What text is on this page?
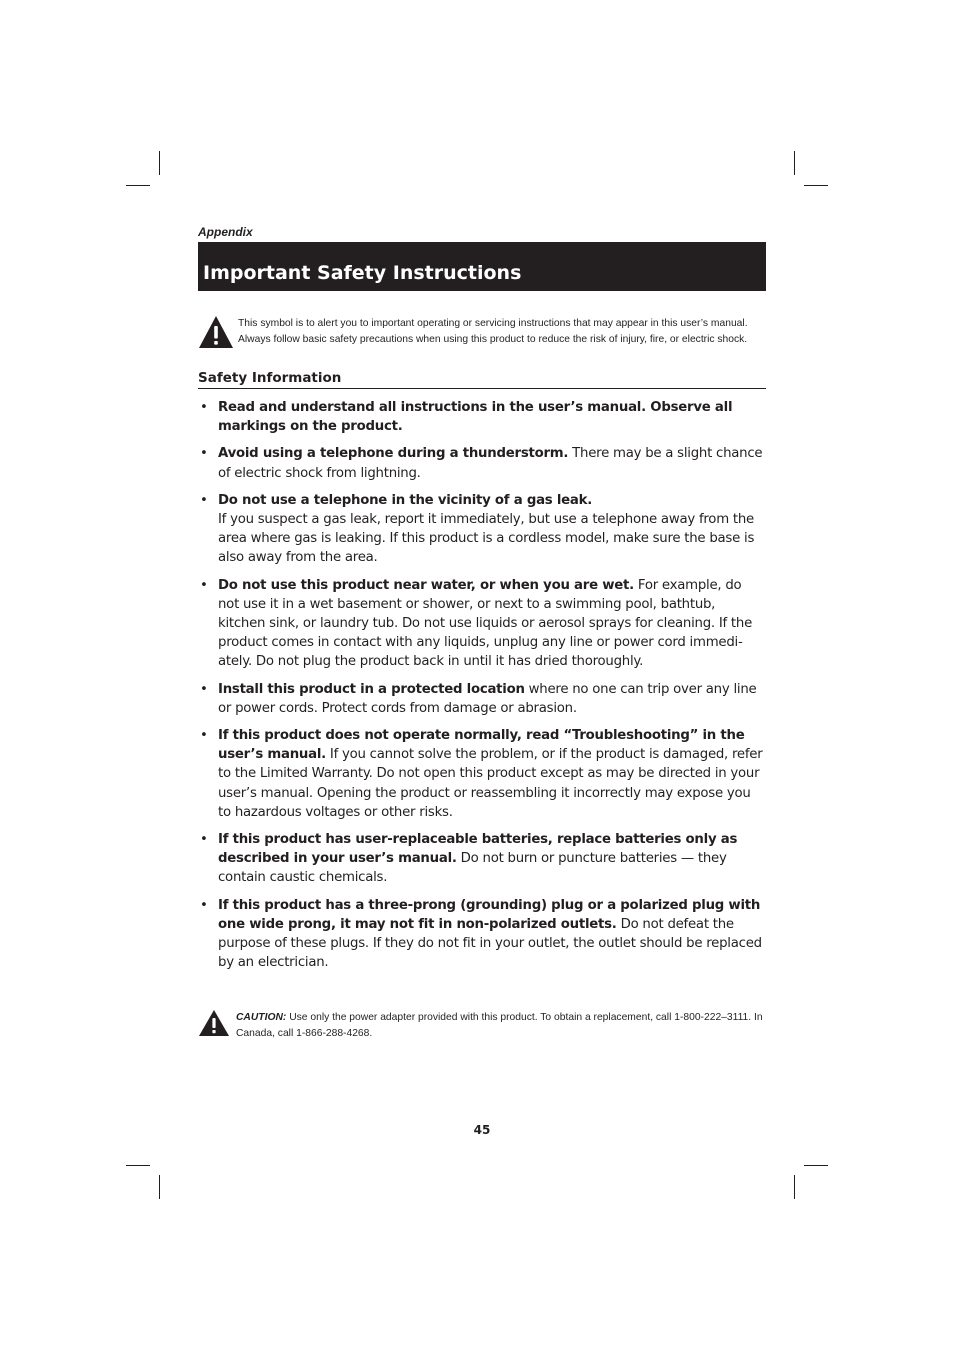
Appendix
Important Safety Instructions
This symbol is to alert you to important operating or servicing instructions that may appear in this user’s manual. Always follow basic safety precautions when using this product to reduce the risk of injury, fire, or electric shock.
Safety Information
• Read and understand all instructions in the user’s manual. Observe all markings on the product.
• Avoid using a telephone during a thunderstorm. There may be a slight chance of electric shock from lightning.
• Do not use a telephone in the vicinity of a gas leak.
If you suspect a gas leak, report it immediately, but use a telephone away from the area where gas is leaking. If this product is a cordless model, make sure the base is also away from the area.
• Do not use this product near water, or when you are wet. For example, do not use it in a wet basement or shower, or next to a swimming pool, bathtub, kitchen sink, or laundry tub. Do not use liquids or aerosol sprays for cleaning. If the product comes in contact with any liquids, unplug any line or power cord immedi-ately. Do not plug the product back in until it has dried thoroughly.
• Install this product in a protected location where no one can trip over any line or power cords. Protect cords from damage or abrasion.
• If this product does not operate normally, read “Troubleshooting” in the user’s manual. If you cannot solve the problem, or if the product is damaged, refer to the Limited Warranty. Do not open this product except as may be directed in your user’s manual. Opening the product or reassembling it incorrectly may expose you to hazardous voltages or other risks.
• If this product has user-replaceable batteries, replace batteries only as described in your user’s manual. Do not burn or puncture batteries — they contain caustic chemicals.
• If this product has a three-prong (grounding) plug or a polarized plug with one wide prong, it may not fit in non-polarized outlets. Do not defeat the purpose of these plugs. If they do not fit in your outlet, the outlet should be replaced by an electrician.
CAUTION: Use only the power adapter provided with this product. To obtain a replacement, call 1-800-222–3111. In Canada, call 1-866-288-4268.
45
